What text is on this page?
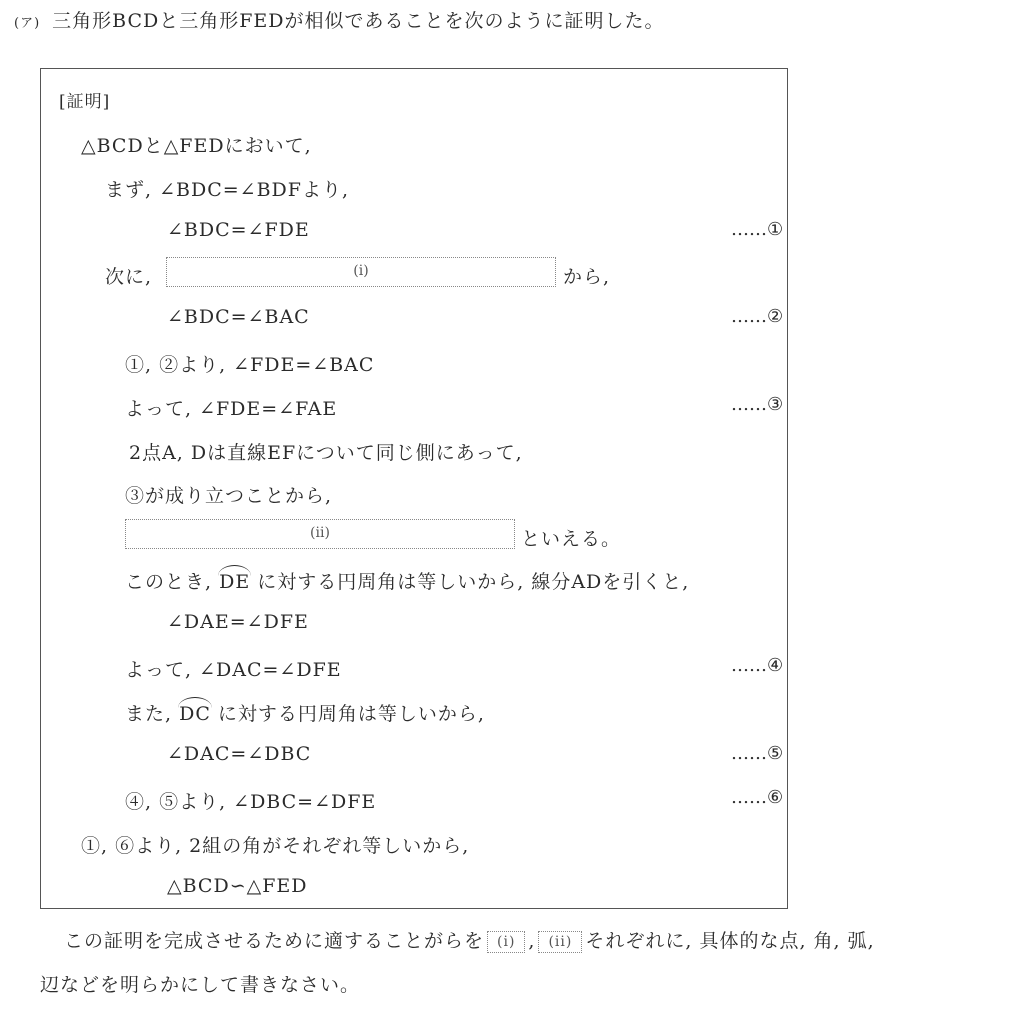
(ア) 三角形BCDと三角形FEDが相似であることを次のように証明した。
[証明]
△BCDと△FEDにおいて,
まず, ∠BDC=∠BDFより,
∠BDC=∠FDE	……①
次に,	(i)	から,
∠BDC=∠BAC	……②
①, ②より, ∠FDE=∠BAC
よって, ∠FDE=∠FAE	……③
2点A, Dは直線EFについて同じ側にあって,
③が成り立つことから,
(ii)	といえる。
このとき, DE に対する円周角は等しいから, 線分ADを引くと,
∠DAE=∠DFE
よって, ∠DAC=∠DFE	……④
また, DC に対する円周角は等しいから,
∠DAC=∠DBC	……⑤
④, ⑤より, ∠DBC=∠DFE	……⑥
①, ⑥より, 2組の角がそれぞれ等しいから,
△BCD∽△FED
この証明を完成させるために適することがらを (i) , (ii) それぞれに, 具体的な点, 角, 弧,
辺などを明らかにして書きなさい。
